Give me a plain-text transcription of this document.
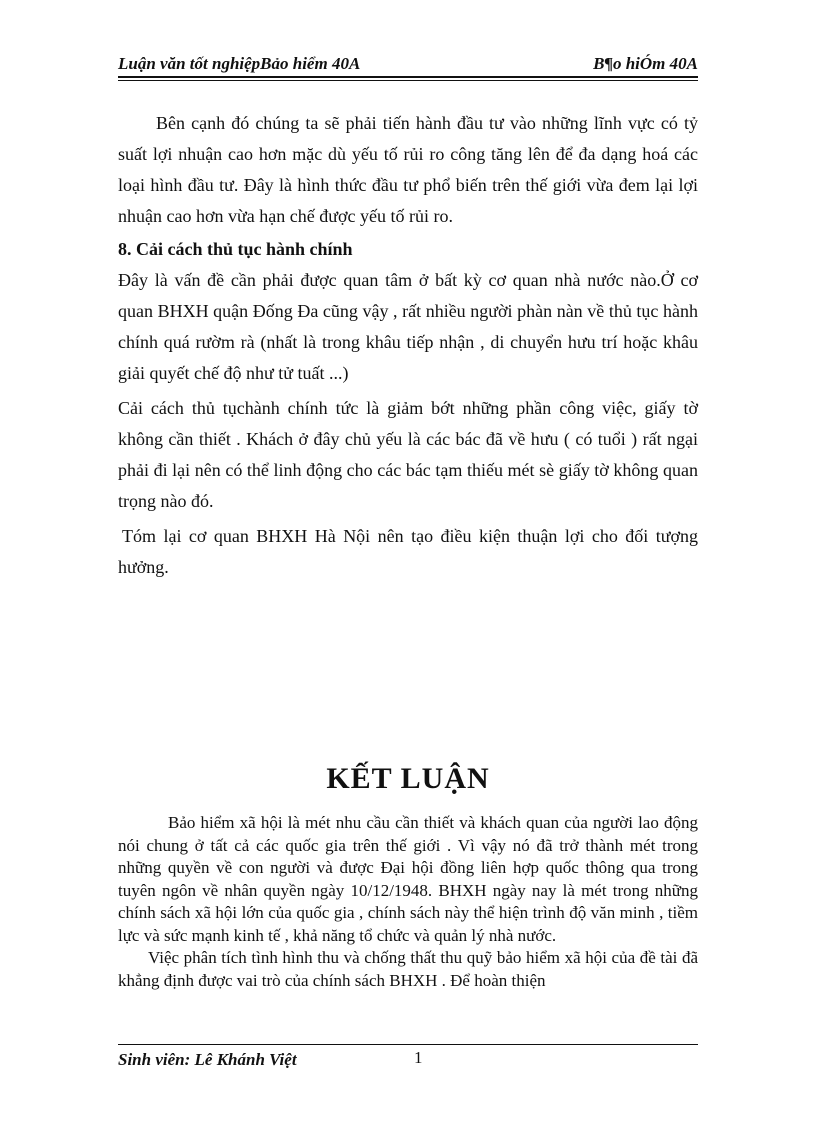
Luận văn tốt nghiệpBảo hiểm 40A	B¶o hiÓm 40A

Bên cạnh đó chúng ta sẽ phải tiến hành đầu tư vào những lĩnh vực có tỷ suất lợi nhuận cao hơn mặc dù yếu tố rủi ro công tăng lên để đa dạng hoá các loại hình đầu tư. Đây là hình thức đầu tư phổ biến trên thế giới vừa đem lại lợi nhuận cao hơn vừa hạn chế được yếu tố rủi ro.

8. Cải cách thủ tục hành chính

Đây là vấn đề cần phải được quan tâm ở bất kỳ cơ quan nhà nước nào.Ở cơ quan BHXH quận Đống Đa cũng vậy , rất nhiều người phàn nàn về thủ tục hành chính quá rườm rà (nhất là trong khâu tiếp nhận , di chuyển hưu trí hoặc khâu giải quyết chế độ như tử tuất ...)

Cải cách thủ tụchành chính tức là giảm bớt những phần công việc, giấy tờ không cần thiết . Khách ở đây chủ yếu là các bác đã về hưu ( có tuổi ) rất ngại phải đi lại nên có thể linh động cho các bác tạm thiếu mét sè giấy tờ không quan trọng nào đó.

Tóm lại cơ quan BHXH Hà Nội nên tạo điều kiện thuận lợi cho đối tượng hưởng.

KẾT LUẬN

Bảo hiểm xã hội là mét nhu cầu cần thiết và khách quan của người lao động nói chung ở tất cả các quốc gia trên thế giới . Vì vậy nó đã trở thành mét trong những quyền về con người và được Đại hội đồng liên hợp quốc thông qua trong tuyên ngôn về nhân quyền ngày 10/12/1948. BHXH ngày nay là mét trong những chính sách xã hội lớn của quốc gia , chính sách này thể hiện trình độ văn minh , tiềm lực và sức mạnh kinh tế , khả năng tổ chức và quản lý nhà nước.

Việc phân tích tình hình thu và chống thất thu quỹ bảo hiểm xã hội của đề tài đã khẳng định được vai trò của chính sách BHXH . Để hoàn thiện

Sinh viên: Lê Khánh Việt	1
